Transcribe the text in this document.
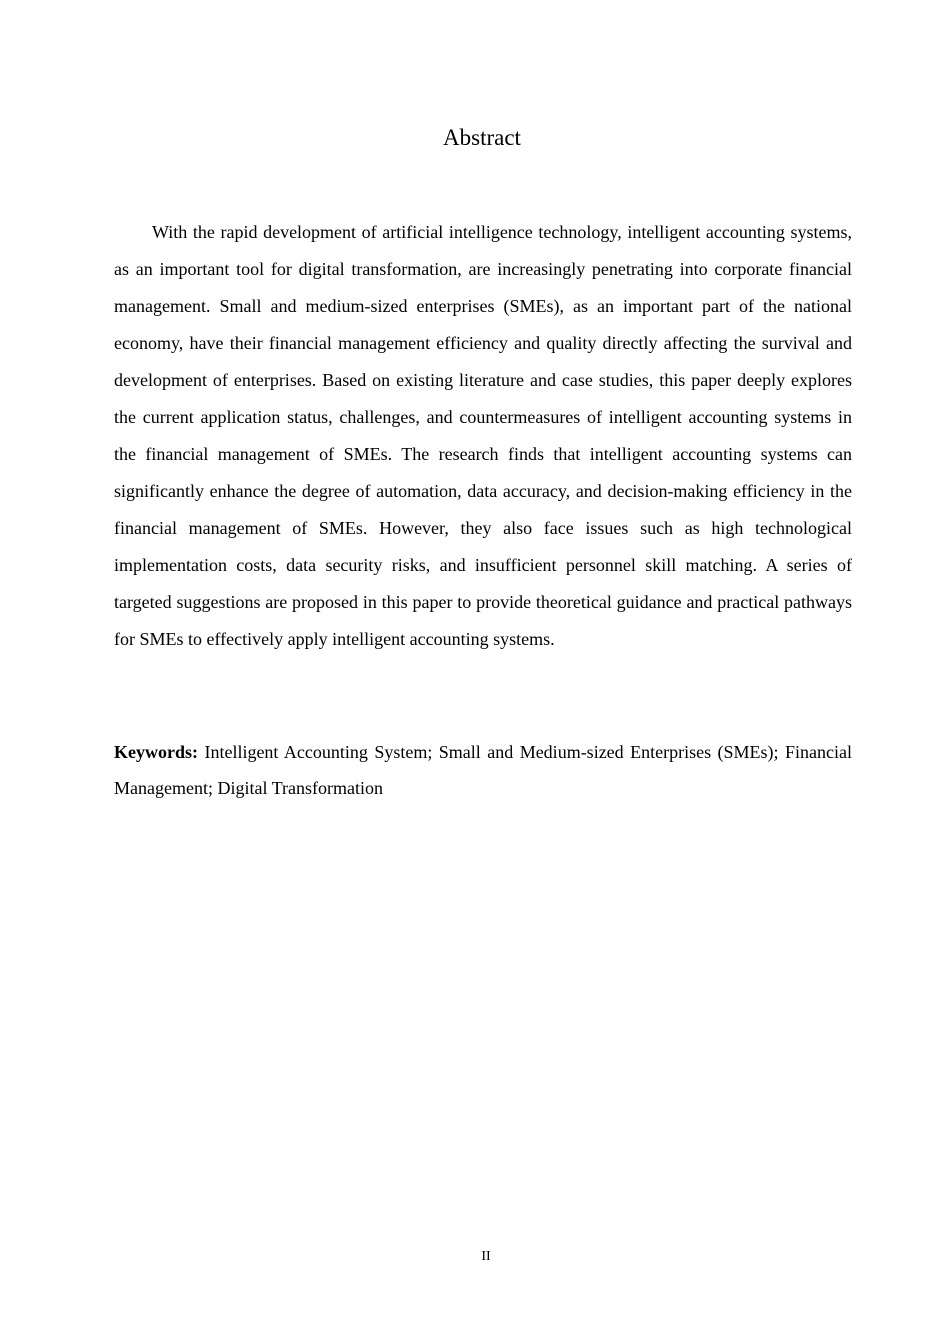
Abstract

With the rapid development of artificial intelligence technology, intelligent accounting systems, as an important tool for digital transformation, are increasingly penetrating into corporate financial management. Small and medium-sized enterprises (SMEs), as an important part of the national economy, have their financial management efficiency and quality directly affecting the survival and development of enterprises. Based on existing literature and case studies, this paper deeply explores the current application status, challenges, and countermeasures of intelligent accounting systems in the financial management of SMEs. The research finds that intelligent accounting systems can significantly enhance the degree of automation, data accuracy, and decision-making efficiency in the financial management of SMEs. However, they also face issues such as high technological implementation costs, data security risks, and insufficient personnel skill matching. A series of targeted suggestions are proposed in this paper to provide theoretical guidance and practical pathways for SMEs to effectively apply intelligent accounting systems.

Keywords: Intelligent Accounting System; Small and Medium-sized Enterprises (SMEs); Financial Management; Digital Transformation

II
